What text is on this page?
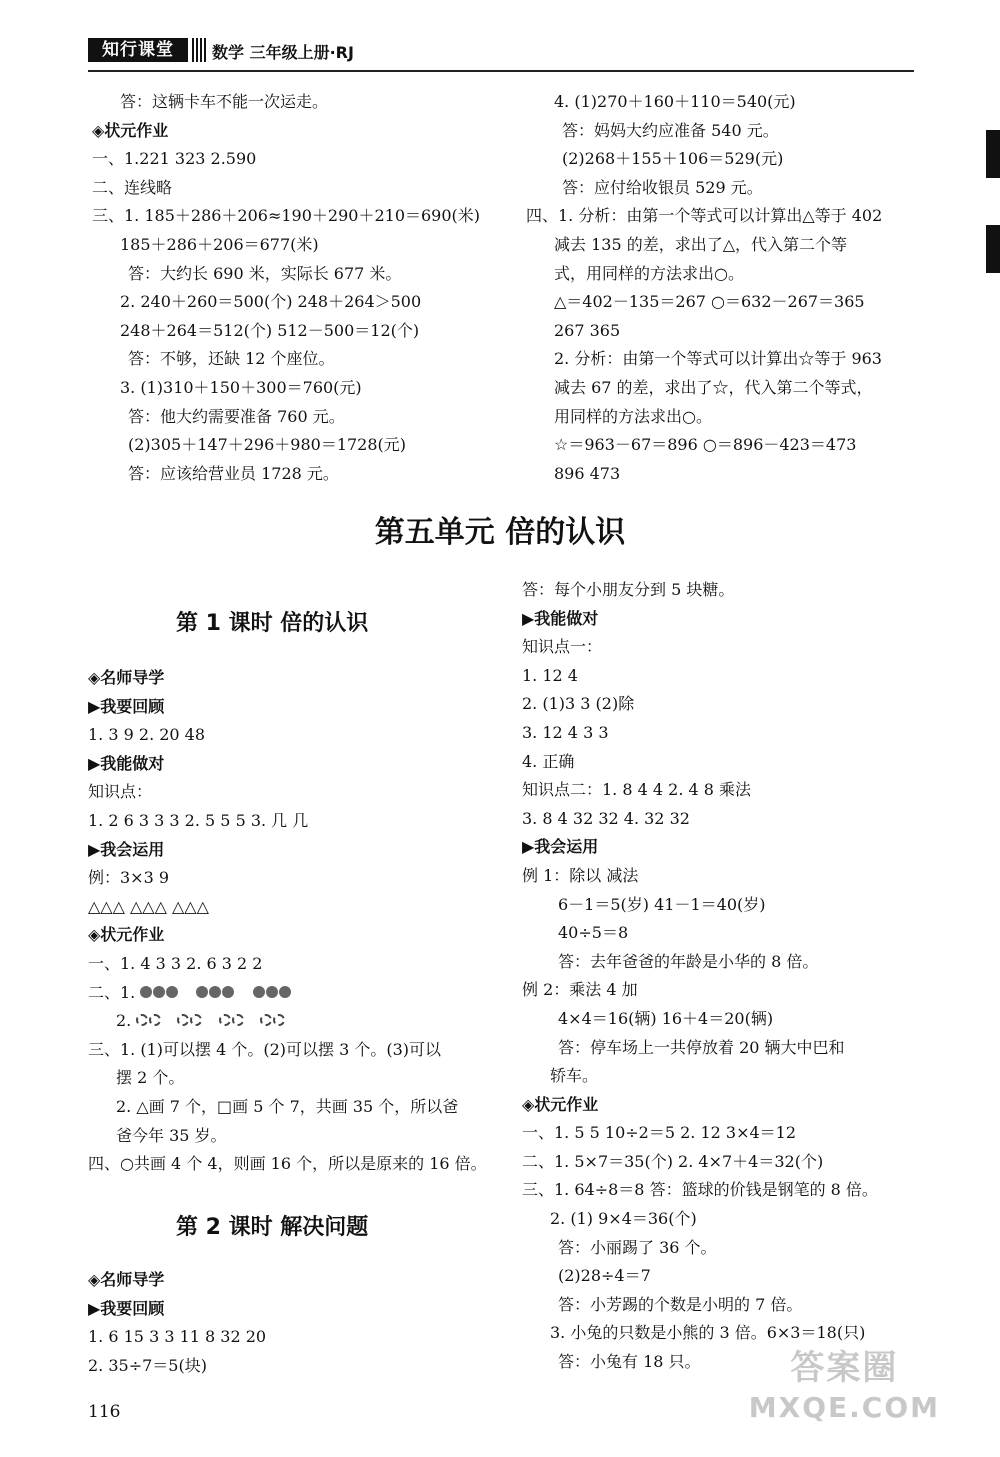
知行课堂	数学 三年级上册·RJ
答：这辆卡车不能一次运走。
◈状元作业
一、1.221 323 2.590
二、连线略
三、1. 185＋286＋206≈190＋290＋210＝690(米)
185＋286＋206＝677(米)
答：大约长 690 米，实际长 677 米。
2. 240＋260＝500(个) 248＋264＞500
248＋264＝512(个) 512－500＝12(个)
答：不够，还缺 12 个座位。
3. (1)310＋150＋300＝760(元)
答：他大约需要准备 760 元。
(2)305＋147＋296＋980＝1728(元)
答：应该给营业员 1728 元。
4. (1)270＋160＋110＝540(元)
答：妈妈大约应准备 540 元。
(2)268＋155＋106＝529(元)
答：应付给收银员 529 元。
四、1. 分析：由第一个等式可以计算出△等于 402
减去 135 的差，求出了△，代入第二个等
式，用同样的方法求出○。
△＝402－135＝267 ○＝632－267＝365
267 365
2. 分析：由第一个等式可以计算出☆等于 963
减去 67 的差，求出了☆，代入第二个等式，
用同样的方法求出○。
☆＝963－67＝896 ○＝896－423＝473
896 473
第五单元 倍的认识
第 1 课时 倍的认识
◈名师导学
▶我要回顾
1. 3 9 2. 20 48
▶我能做对
知识点：
1. 2 6 3 3 3 2. 5 5 5 3. 几 几
▶我会运用
例：3×3 9
△△△ △△△ △△△
◈状元作业
一、1. 4 3 3 2. 6 3 2 2
二、1.
2.
三、1. (1)可以摆 4 个。(2)可以摆 3 个。(3)可以
摆 2 个。
2. △画 7 个，□画 5 个 7，共画 35 个，所以爸
爸今年 35 岁。
四、○共画 4 个 4，则画 16 个，所以是原来的 16 倍。
第 2 课时 解决问题
◈名师导学
▶我要回顾
1. 6 15 3 3 11 8 32 20
2. 35÷7＝5(块)
答：每个小朋友分到 5 块糖。
▶我能做对
知识点一：
1. 12 4
2. (1)3 3 (2)除
3. 12 4 3 3
4. 正确
知识点二：1. 8 4 4 2. 4 8 乘法
3. 8 4 32 32 4. 32 32
▶我会运用
例 1：除以 减法
6－1＝5(岁) 41－1＝40(岁)
40÷5＝8
答：去年爸爸的年龄是小华的 8 倍。
例 2：乘法 4 加
4×4＝16(辆) 16＋4＝20(辆)
答：停车场上一共停放着 20 辆大中巴和
轿车。
◈状元作业
一、1. 5 5 10÷2＝5 2. 12 3×4＝12
二、1. 5×7＝35(个) 2. 4×7＋4＝32(个)
三、1. 64÷8＝8 答：篮球的价钱是钢笔的 8 倍。
2. (1) 9×4＝36(个)
答：小丽踢了 36 个。
(2)28÷4＝7
答：小芳踢的个数是小明的 7 倍。
3. 小兔的只数是小熊的 3 倍。6×3＝18(只)
答：小兔有 18 只。
116
答案圈
MXQE.COM
